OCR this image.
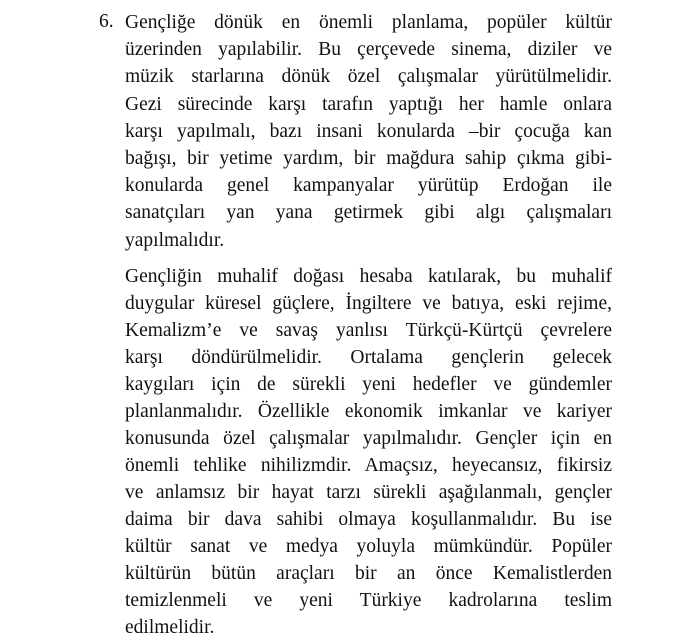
6. Gençliğe dönük en önemli planlama, popüler kültür
üzerinden yapılabilir. Bu çerçevede sinema, diziler ve
müzik starlarına dönük özel çalışmalar yürütülmelidir.
Gezi sürecinde karşı tarafın yaptığı her hamle onlara
karşı yapılmalı, bazı insani konularda –bir çocuğa kan
bağışı, bir yetime yardım, bir mağdura sahip çıkma gibi-
konularda genel kampanyalar yürütüp Erdoğan ile
sanatçıları yan yana getirmek gibi algı çalışmaları
yapılmalıdır.
Gençliğin muhalif doğası hesaba katılarak, bu muhalif
duygular küresel güçlere, İngiltere ve batıya, eski rejime,
Kemalizm’e ve savaş yanlısı Türkçü-Kürtçü çevrelere
karşı döndürülmelidir. Ortalama gençlerin gelecek
kaygıları için de sürekli yeni hedefler ve gündemler
planlanmalıdır. Özellikle ekonomik imkanlar ve kariyer
konusunda özel çalışmalar yapılmalıdır. Gençler için en
önemli tehlike nihilizmdir. Amaçsız, heyecansız, fikirsiz
ve anlamsız bir hayat tarzı sürekli aşağılanmalı, gençler
daima bir dava sahibi olmaya koşullanmalıdır. Bu ise
kültür sanat ve medya yoluyla mümkündür. Popüler
kültürün bütün araçları bir an önce Kemalistlerden
temizlenmeli ve yeni Türkiye kadrolarına teslim
edilmelidir.
